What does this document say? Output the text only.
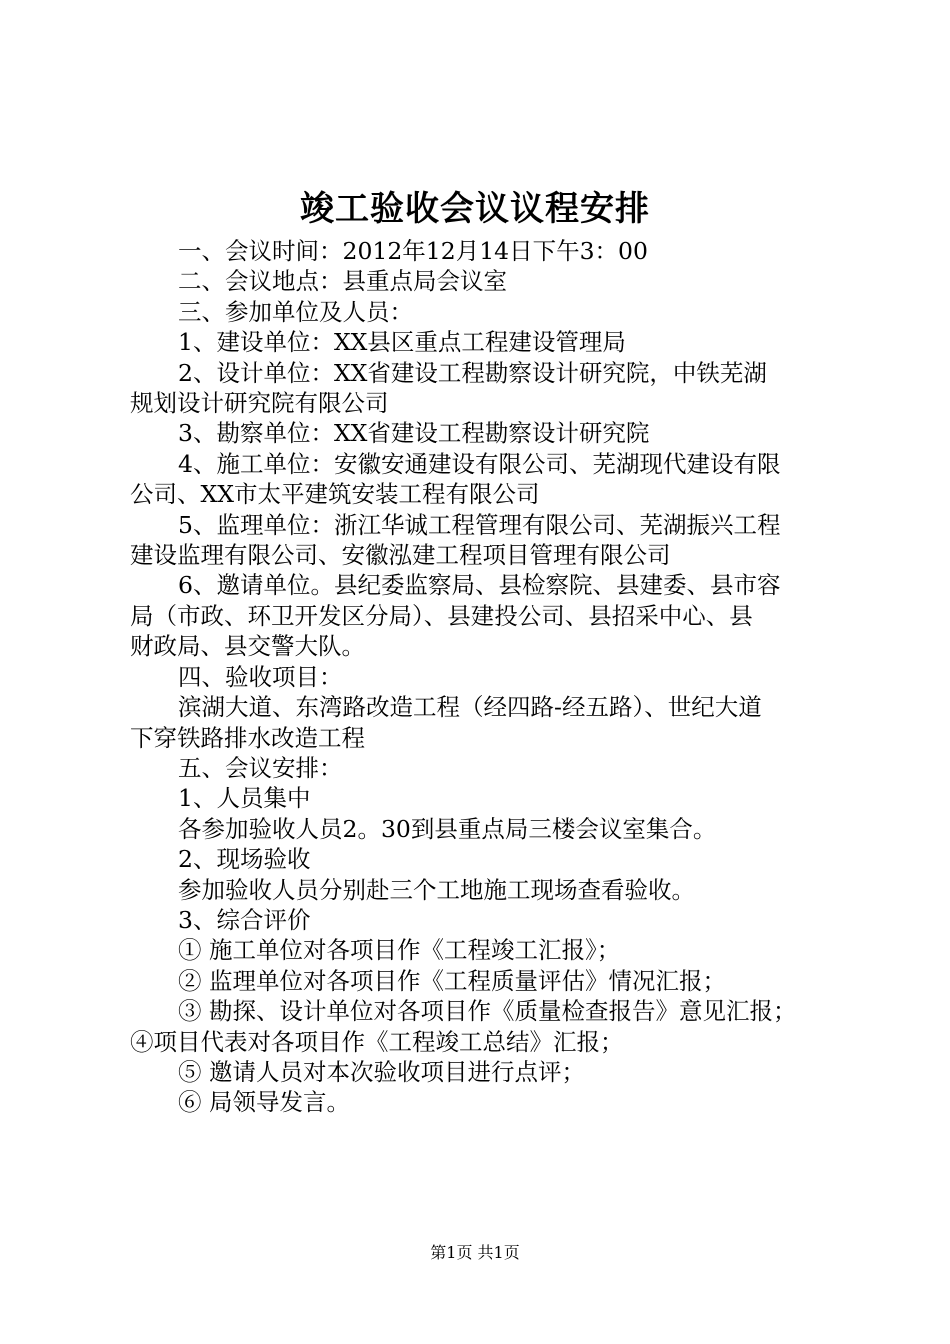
竣工验收会议议程安排

一、会议时间：2012年12月14日下午3：00

二、会议地点：县重点局会议室

三、参加单位及人员：

1、建设单位：XX县区重点工程建设管理局

2、设计单位：XX省建设工程勘察设计研究院，中铁芜湖

规划设计研究院有限公司

3、勘察单位：XX省建设工程勘察设计研究院

4、施工单位：安徽安通建设有限公司、芜湖现代建设有限

公司、XX市太平建筑安装工程有限公司

5、监理单位：浙江华诚工程管理有限公司、芜湖振兴工程

建设监理有限公司、安徽泓建工程项目管理有限公司

6、邀请单位。县纪委监察局、县检察院、县建委、县市容

局（市政、环卫开发区分局）、县建投公司、县招采中心、县

财政局、县交警大队。

四、验收项目：

滨湖大道、东湾路改造工程（经四路-经五路）、世纪大道

下穿铁路排水改造工程

五、会议安排：

1、人员集中

各参加验收人员2。30到县重点局三楼会议室集合。

2、现场验收

参加验收人员分别赴三个工地施工现场查看验收。

3、综合评价

① 施工单位对各项目作《工程竣工汇报》；

② 监理单位对各项目作《工程质量评估》情况汇报；

③ 勘探、设计单位对各项目作《质量检查报告》意见汇报；

④项目代表对各项目作《工程竣工总结》汇报；

⑤ 邀请人员对本次验收项目进行点评；

⑥ 局领导发言。

第1页 共1页
